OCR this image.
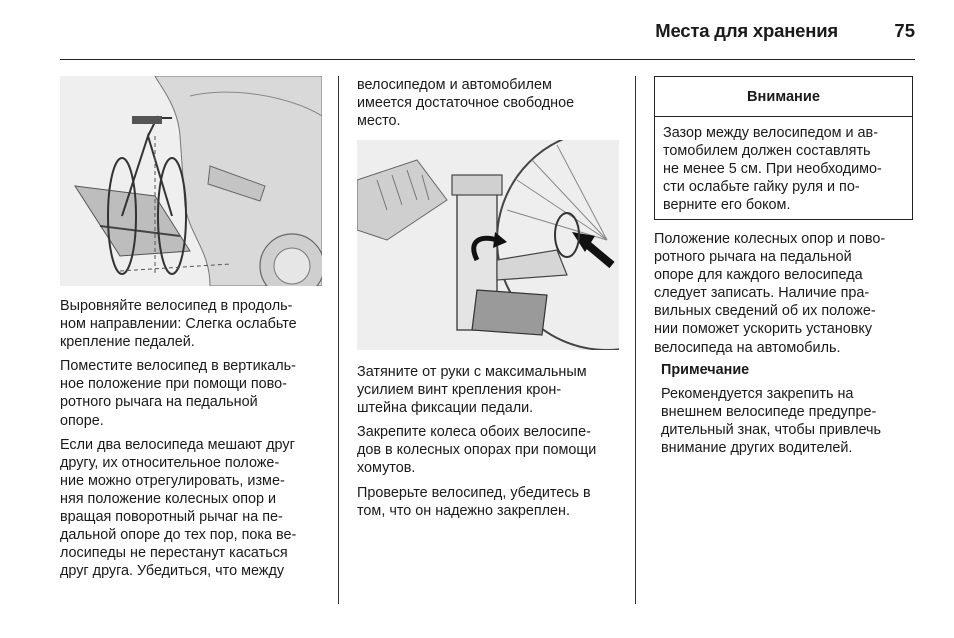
Места для хранения	75

Выровняйте велосипед в продоль-
ном направлении: Слегка ослабьте
крепление педалей.

Поместите велосипед в вертикаль-
ное положение при помощи пово-
ротного рычага на педальной
опоре.

Если два велосипеда мешают друг
другу, их относительное положе-
ние можно отрегулировать, изме-
няя положение колесных опор и
вращая поворотный рычаг на пе-
дальной опоре до тех пор, пока ве-
лосипеды не перестанут касаться
друг друга. Убедиться, что между

велосипедом и автомобилем
имеется достаточное свободное
место.

Затяните от руки с максимальным
усилием винт крепления крон-
штейна фиксации педали.

Закрепите колеса обоих велосипе-
дов в колесных опорах при помощи
хомутов.

Проверьте велосипед, убедитесь в
том, что он надежно закреплен.

Внимание
Зазор между велосипедом и ав-
томобилем должен составлять
не менее 5 см. При необходимо-
сти ослабьте гайку руля и по-
верните его боком.

Положение колесных опор и пово-
ротного рычага на педальной
опоре для каждого велосипеда
следует записать. Наличие пра-
вильных сведений об их положе-
нии поможет ускорить установку
велосипеда на автомобиль.

Примечание

Рекомендуется закрепить на
внешнем велосипеде предупре-
дительный знак, чтобы привлечь
внимание других водителей.
